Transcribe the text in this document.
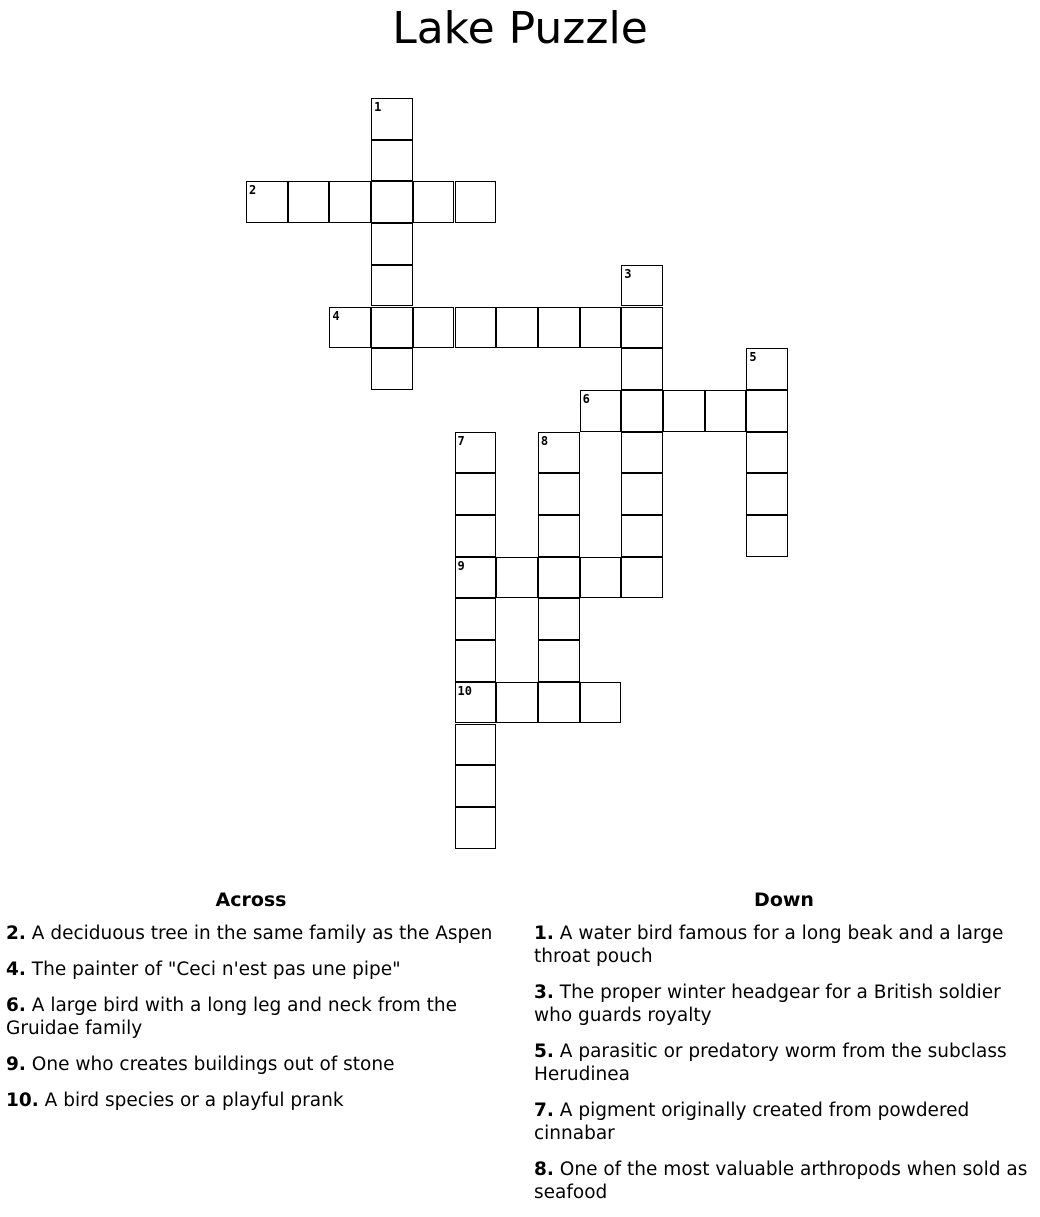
Lake Puzzle
1
2
3
4
5
6
7
9
10
8
Across

2. A deciduous tree in the same family as the Aspen

4. The painter of "Ceci n'est pas une pipe"

6. A large bird with a long leg and neck from the Gruidae family

9. One who creates buildings out of stone

10. A bird species or a playful prank

Down

1. A water bird famous for a long beak and a large throat pouch

3. The proper winter headgear for a British soldier who guards royalty

5. A parasitic or predatory worm from the subclass Herudinea

7. A pigment originally created from powdered cinnabar

8. One of the most valuable arthropods when sold as seafood
